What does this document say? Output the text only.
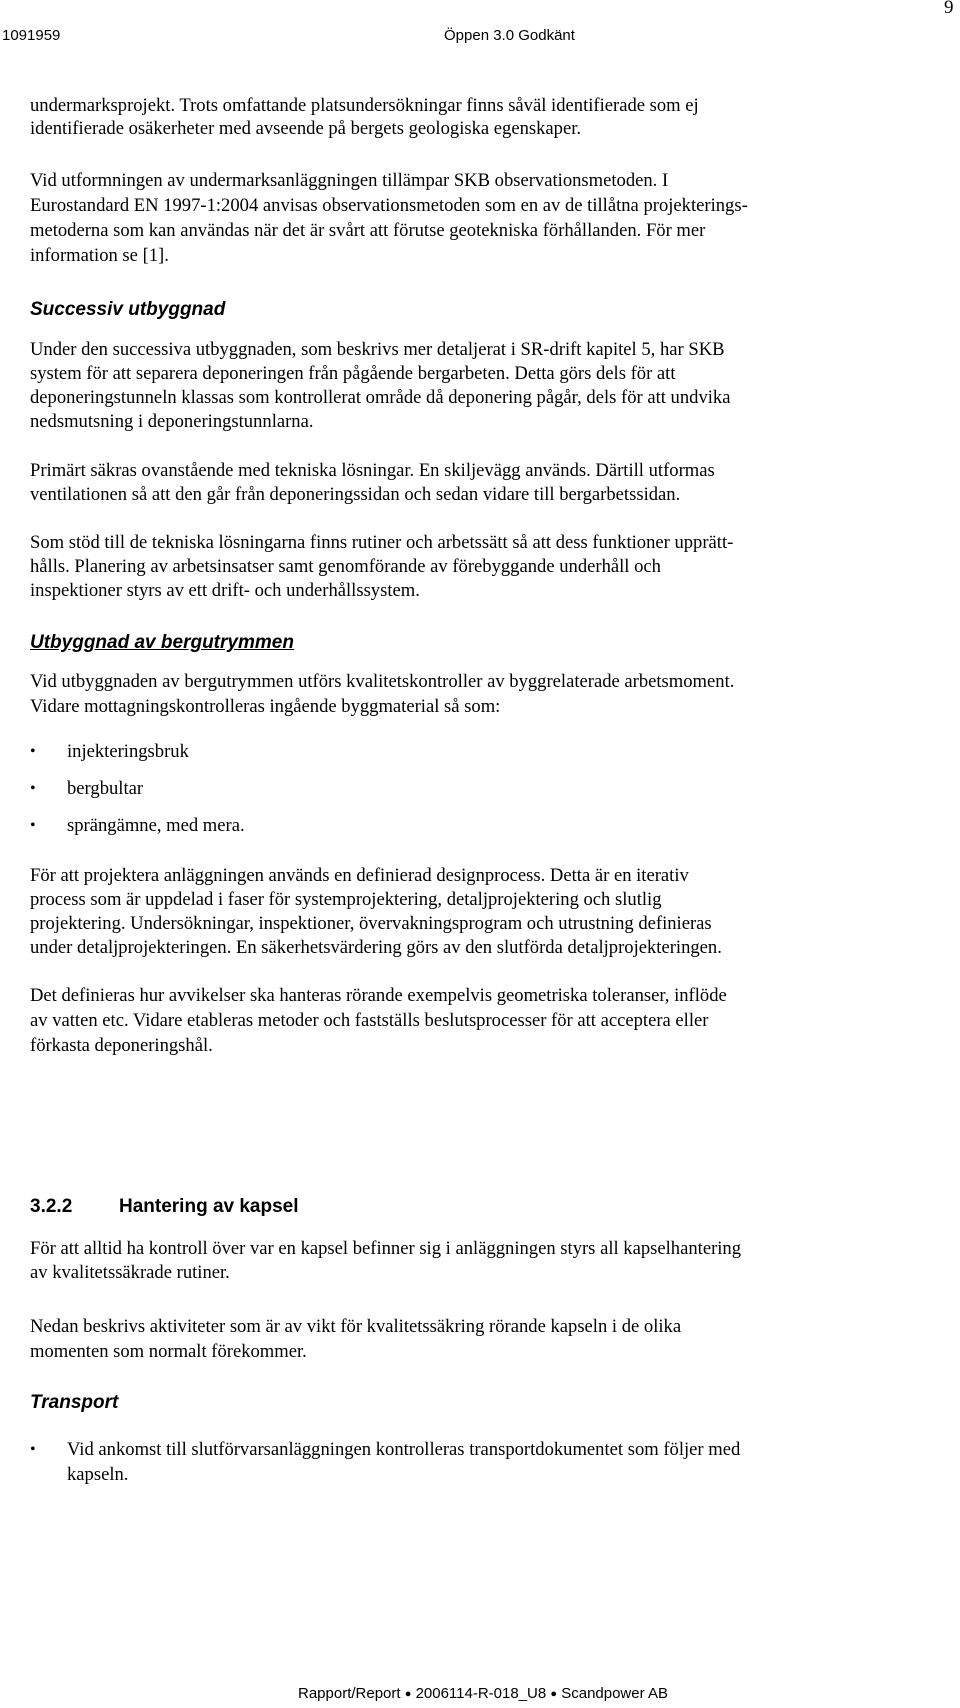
1091959	Öppen 3.0 Godkänt
9
undermarksprojekt. Trots omfattande platsundersökningar finns såväl identifierade som ej
identifierade osäkerheter med avseende på bergets geologiska egenskaper.
Vid utformningen av undermarksanläggningen tillämpar SKB observationsmetoden. I
Eurostandard EN 1997-1:2004 anvisas observationsmetoden som en av de tillåtna projekterings-
metoderna som kan användas när det är svårt att förutse geotekniska förhållanden. För mer
information se [1].
Successiv utbyggnad
Under den successiva utbyggnaden, som beskrivs mer detaljerat i SR-drift kapitel 5, har SKB
system för att separera deponeringen från pågående bergarbeten. Detta görs dels för att
deponeringstunneln klassas som kontrollerat område då deponering pågår, dels för att undvika
nedsmutsning i deponeringstunnlarna.
Primärt säkras ovanstående med tekniska lösningar. En skiljevägg används. Därtill utformas
ventilationen så att den går från deponeringssidan och sedan vidare till bergarbetssidan.
Som stöd till de tekniska lösningarna finns rutiner och arbetssätt så att dess funktioner upprätt-
hålls. Planering av arbetsinsatser samt genomförande av förebyggande underhåll och
inspektioner styrs av ett drift- och underhållssystem.
Utbyggnad av bergutrymmen
Vid utbyggnaden av bergutrymmen utförs kvalitetskontroller av byggrelaterade arbetsmoment.
Vidare mottagningskontrolleras ingående byggmaterial så som:
• injekteringsbruk
• bergbultar
• sprängämne, med mera.
För att projektera anläggningen används en definierad designprocess. Detta är en iterativ
process som är uppdelad i faser för systemprojektering, detaljprojektering och slutlig
projektering. Undersökningar, inspektioner, övervakningsprogram och utrustning definieras
under detaljprojekteringen. En säkerhetsvärdering görs av den slutförda detaljprojekteringen.
Det definieras hur avvikelser ska hanteras rörande exempelvis geometriska toleranser, inflöde
av vatten etc. Vidare etableras metoder och fastställs beslutsprocesser för att acceptera eller
förkasta deponeringshål.
3.2.2 Hantering av kapsel
För att alltid ha kontroll över var en kapsel befinner sig i anläggningen styrs all kapselhantering
av kvalitetssäkrade rutiner.
Nedan beskrivs aktiviteter som är av vikt för kvalitetssäkring rörande kapseln i de olika
momenten som normalt förekommer.
Transport
• Vid ankomst till slutförvarsanläggningen kontrolleras transportdokumentet som följer med
kapseln.
Rapport/Report ● 2006114-R-018_U8 ● Scandpower AB
